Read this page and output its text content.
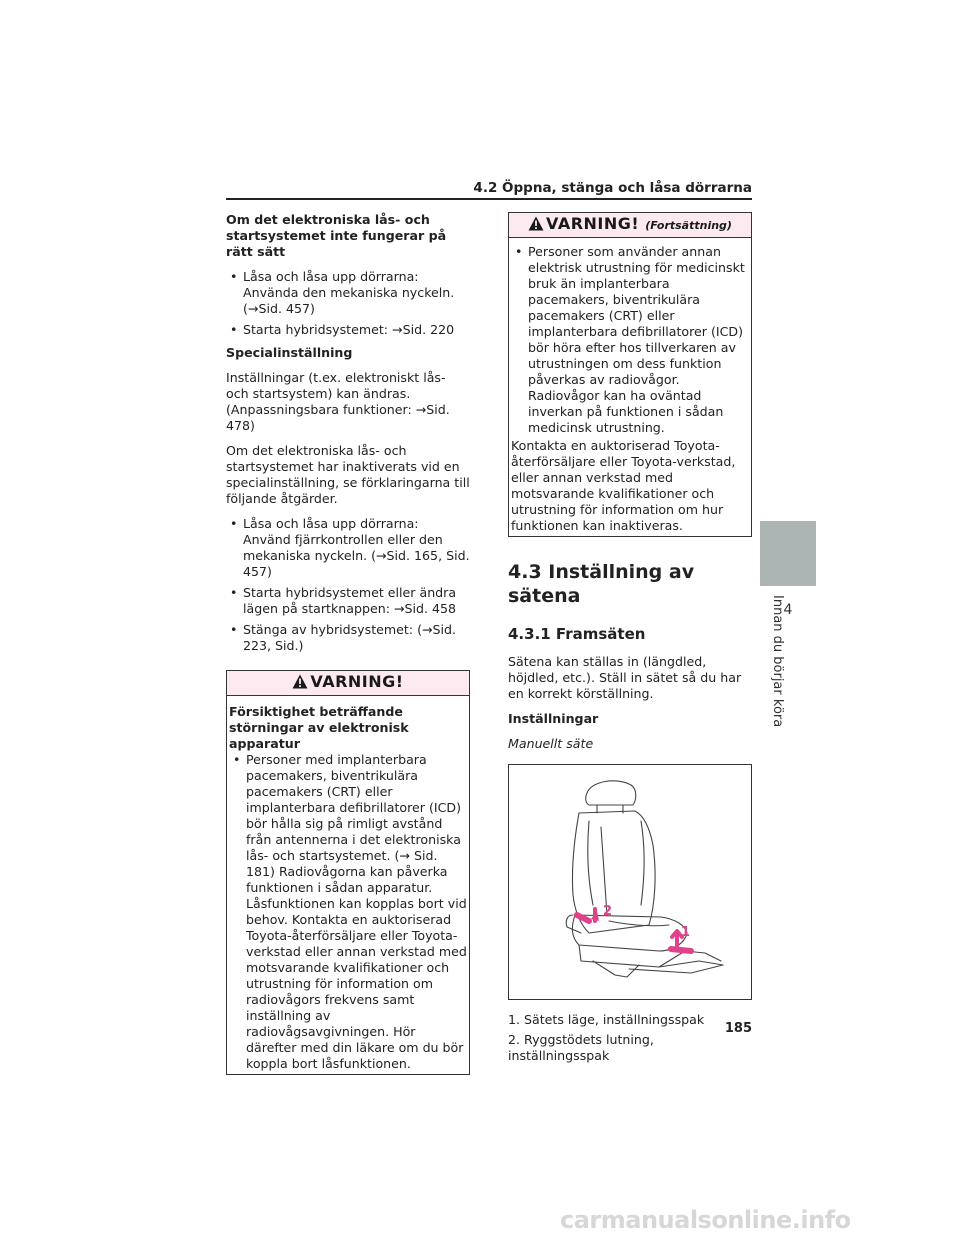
4.2 Öppna, stänga och låsa dörrarna
Om det elektroniska lås- och startsystemet inte fungerar på rätt sätt
• Låsa och låsa upp dörrarna: Använda den mekaniska nyckeln. (→Sid. 457)
• Starta hybridsystemet: →Sid. 220
Specialinställning

Inställningar (t.ex. elektroniskt lås- och startsystem) kan ändras. (Anpassningsbara funktioner: →Sid. 478)

Om det elektroniska lås- och startsystemet har inaktiverats vid en specialinställning, se förklaringarna till följande åtgärder.

• Låsa och låsa upp dörrarna: Använd fjärrkontrollen eller den mekaniska nyckeln. (→Sid. 165, Sid. 457)
• Starta hybridsystemet eller ändra lägen på startknappen: →Sid. 458
• Stänga av hybridsystemet: (→Sid. 223, Sid.)
VARNING!
Försiktighet beträffande störningar av elektronisk apparatur
• Personer med implanterbara pacemakers, biventrikulära pacemakers (CRT) eller implanterbara defibrillatorer (ICD) bör hålla sig på rimligt avstånd från antennerna i det elektroniska lås- och startsystemet. (→ Sid. 181) Radiovågorna kan påverka funktionen i sådan apparatur. Låsfunktionen kan kopplas bort vid behov. Kontakta en auktoriserad Toyota-återförsäljare eller Toyota-verkstad eller annan verkstad med motsvarande kvalifikationer och utrustning för information om radiovågors frekvens samt inställning av radiovågsavgivningen. Hör därefter med din läkare om du bör koppla bort låsfunktionen.
VARNING! (Fortsättning)
• Personer som använder annan elektrisk utrustning för medicinskt bruk än implanterbara pacemakers, biventrikulära pacemakers (CRT) eller implanterbara defibrillatorer (ICD) bör höra efter hos tillverkaren av utrustningen om dess funktion påverkas av radiovågor. Radiovågor kan ha oväntad inverkan på funktionen i sådan medicinsk utrustning.

Kontakta en auktoriserad Toyota-återförsäljare eller Toyota-verkstad, eller annan verkstad med motsvarande kvalifikationer och utrustning för information om hur funktionen kan inaktiveras.

4.3 Inställning av sätena
4.3.1 Framsäten

Sätena kan ställas in (längdled, höjdled, etc.). Ställ in sätet så du har en korrekt körställning.

Inställningar
Manuellt säte
2
1
1. Sätets läge, inställningsspak
2. Ryggstödets lutning, inställningsspak
185
4
Innan du börjar köra
carmanualsonline.info
